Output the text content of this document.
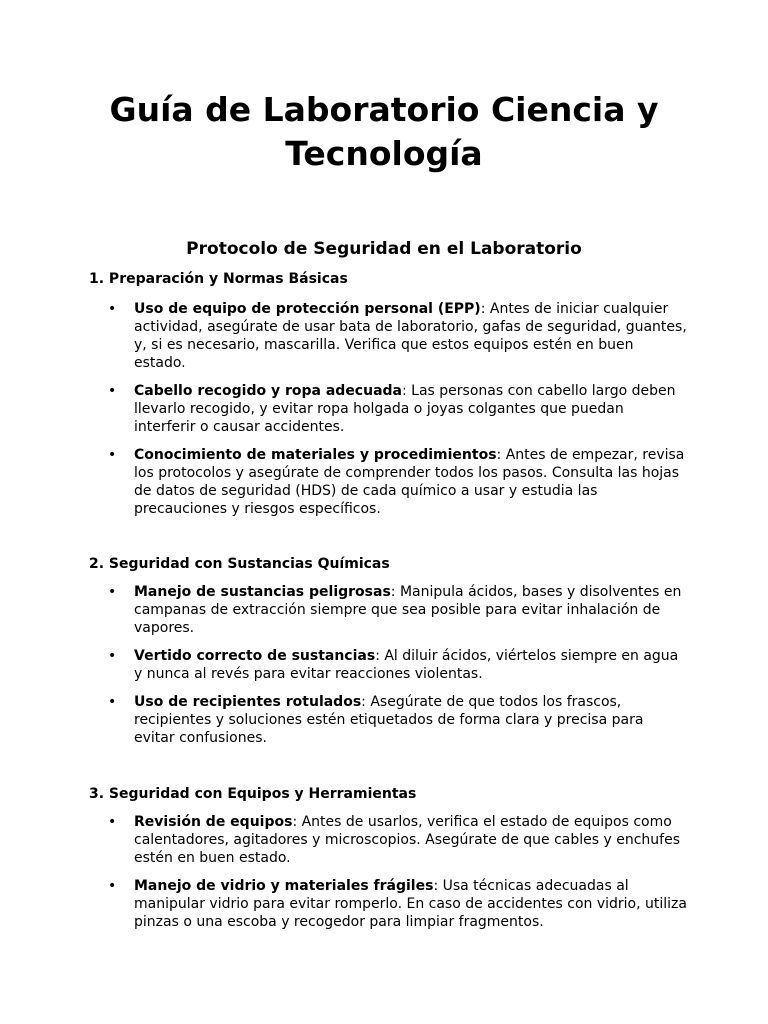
Guía de Laboratorio Ciencia y
Tecnología
Protocolo de Seguridad en el Laboratorio
1. Preparación y Normas Básicas
• Uso de equipo de protección personal (EPP): Antes de iniciar cualquier actividad, asegúrate de usar bata de laboratorio, gafas de seguridad, guantes, y, si es necesario, mascarilla. Verifica que estos equipos estén en buen estado.
• Cabello recogido y ropa adecuada: Las personas con cabello largo deben llevarlo recogido, y evitar ropa holgada o joyas colgantes que puedan interferir o causar accidentes.
• Conocimiento de materiales y procedimientos: Antes de empezar, revisa los protocolos y asegúrate de comprender todos los pasos. Consulta las hojas de datos de seguridad (HDS) de cada químico a usar y estudia las precauciones y riesgos específicos.
2. Seguridad con Sustancias Químicas
• Manejo de sustancias peligrosas: Manipula ácidos, bases y disolventes en campanas de extracción siempre que sea posible para evitar inhalación de vapores.
• Vertido correcto de sustancias: Al diluir ácidos, viértelos siempre en agua y nunca al revés para evitar reacciones violentas.
• Uso de recipientes rotulados: Asegúrate de que todos los frascos, recipientes y soluciones estén etiquetados de forma clara y precisa para evitar confusiones.
3. Seguridad con Equipos y Herramientas
• Revisión de equipos: Antes de usarlos, verifica el estado de equipos como calentadores, agitadores y microscopios. Asegúrate de que cables y enchufes estén en buen estado.
• Manejo de vidrio y materiales frágiles: Usa técnicas adecuadas al manipular vidrio para evitar romperlo. En caso de accidentes con vidrio, utiliza pinzas o una escoba y recogedor para limpiar fragmentos.
